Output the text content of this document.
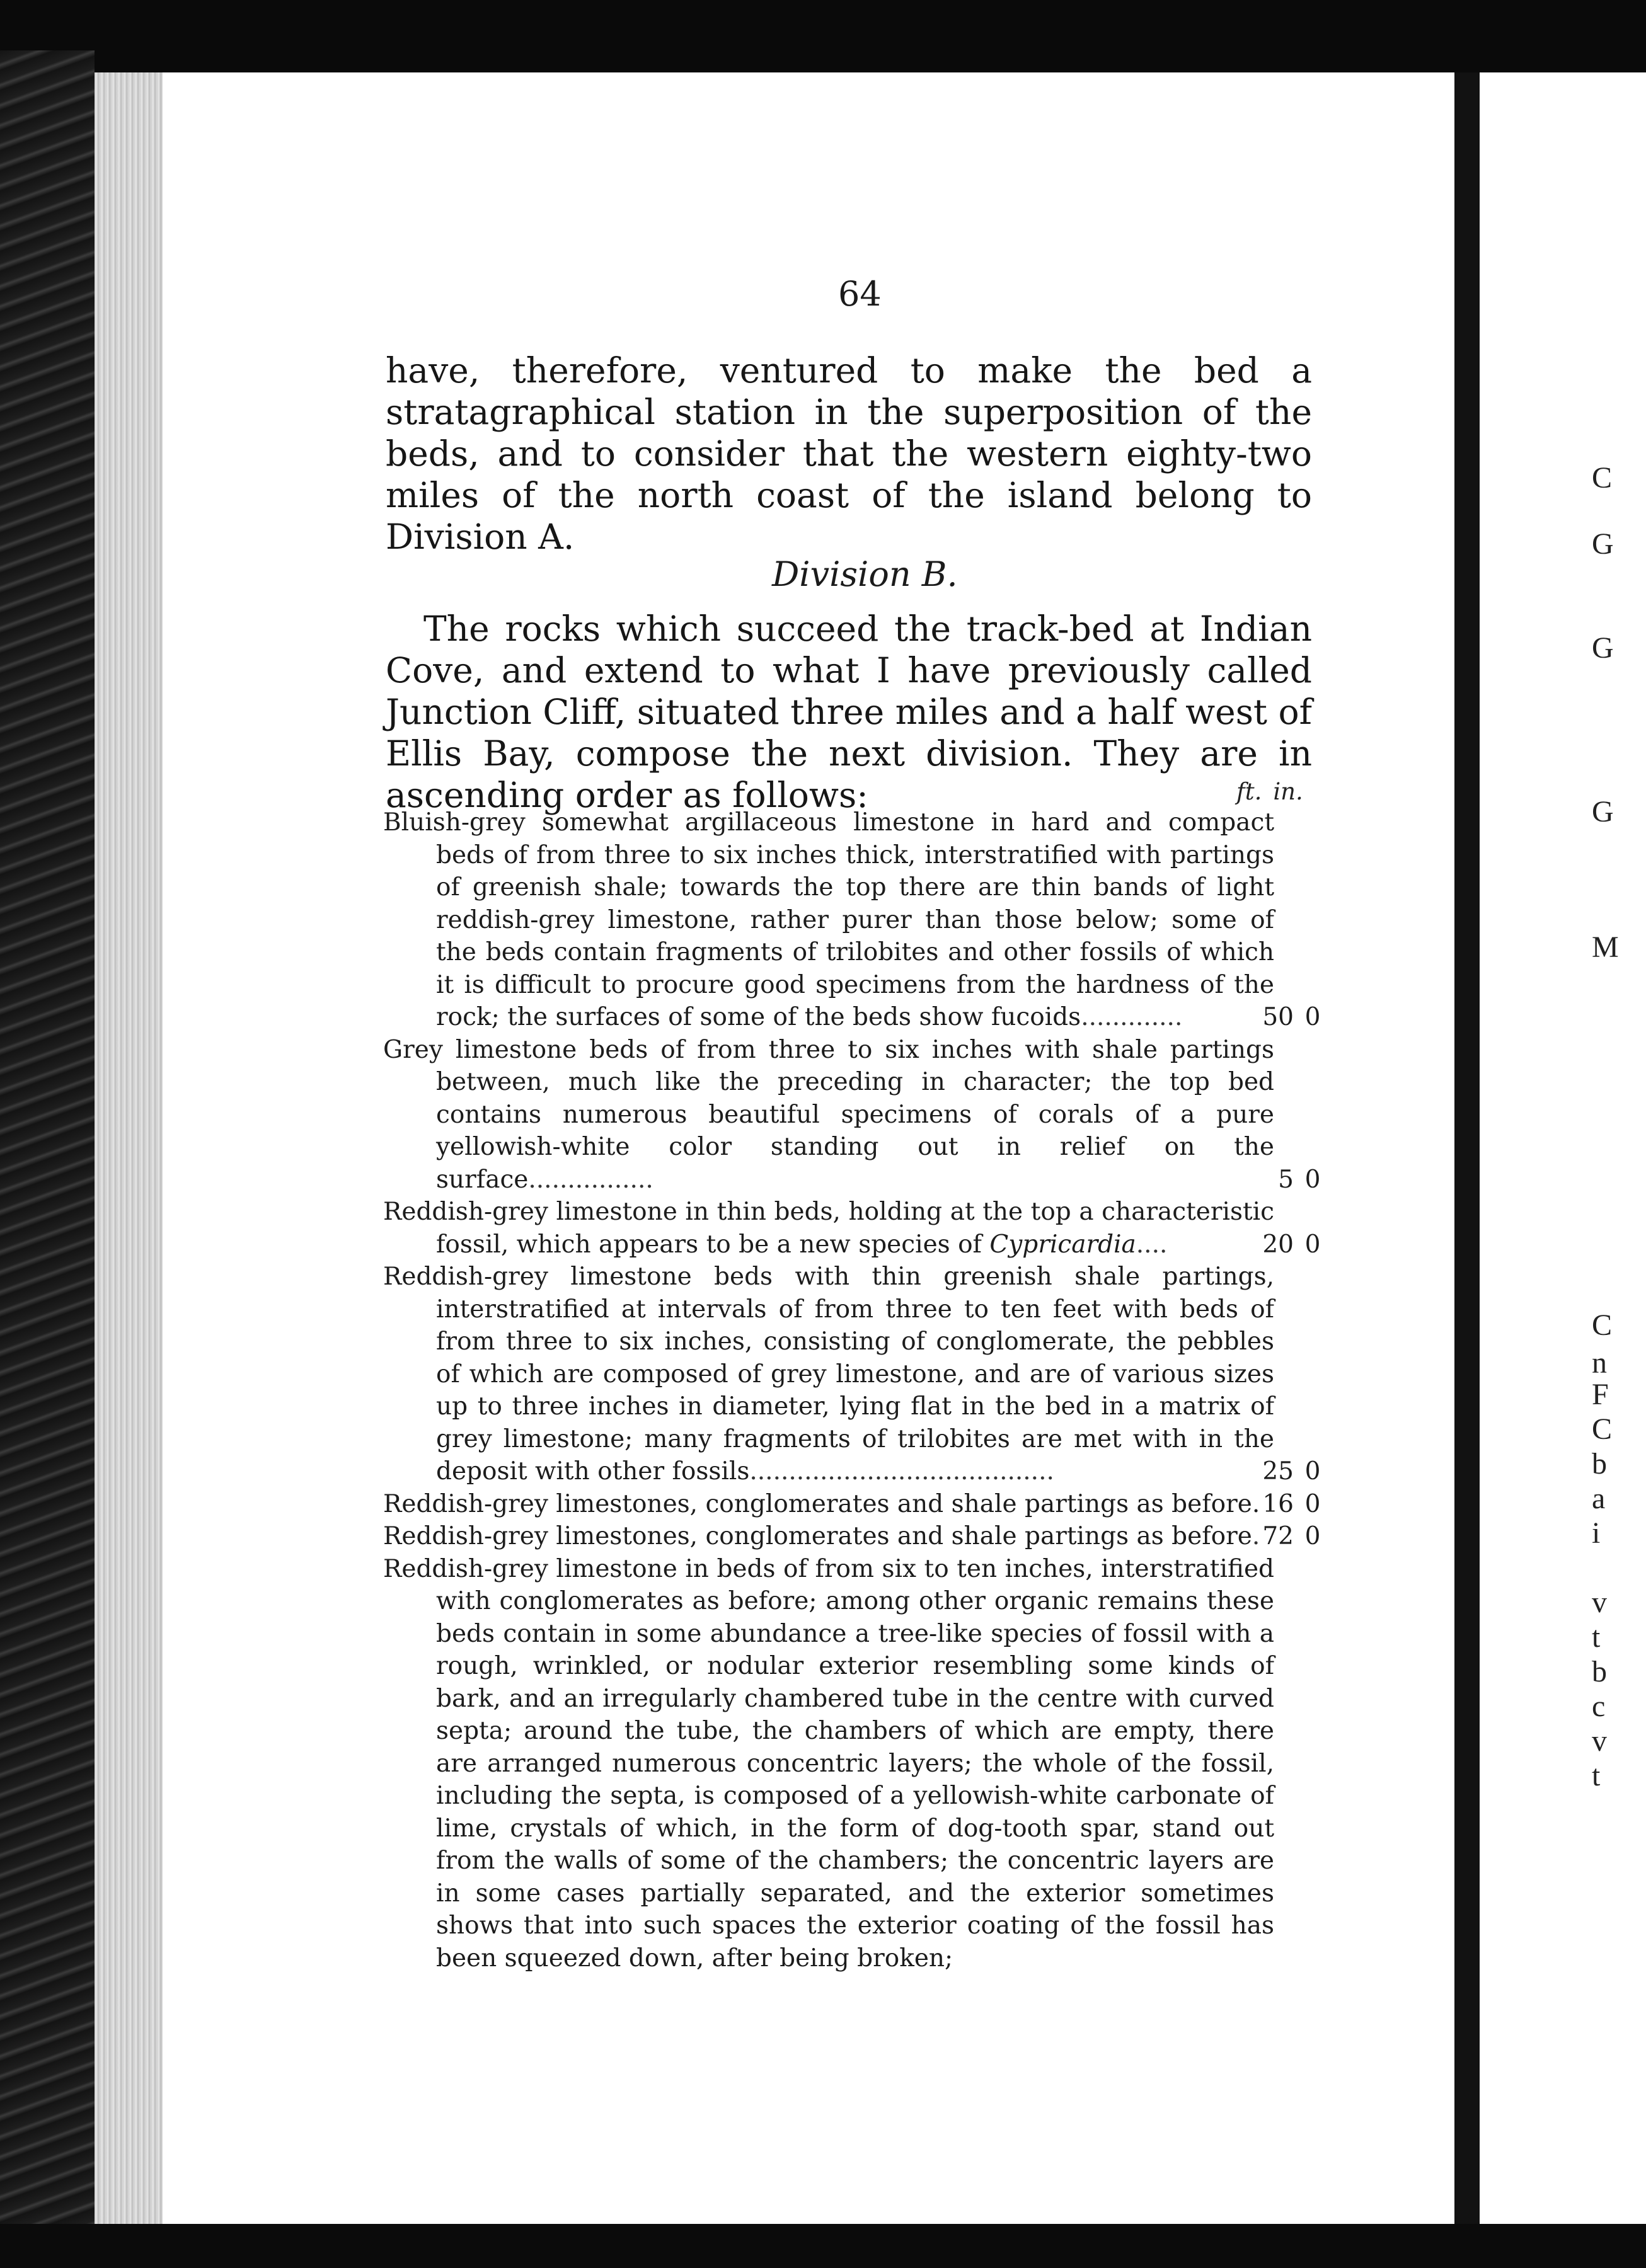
64

have, therefore, ventured to make the bed a stratagraphical station in the superposition of the beds, and to consider that the western eighty-two miles of the north coast of the island belong to Division A.

Division B.

The rocks which succeed the track-bed at Indian Cove, and extend to what I have previously called Junction Cliff, situated three miles and a half west of Ellis Bay, compose the next division. They are in ascending order as follows:	ft. in.
Bluish-grey somewhat argillaceous limestone in hard and compact beds of from three to six inches thick, interstratified with partings of greenish shale; towards the top there are thin bands of light reddish-grey limestone, rather purer than those below; some of the beds contain fragments of trilobites and other fossils of which it is difficult to procure good specimens from the hardness of the rock; the surfaces of some of the beds show fucoids.............	50 0
Grey limestone beds of from three to six inches with shale partings between, much like the preceding in character; the top bed contains numerous beautiful specimens of corals of a pure yellowish-white color standing out in relief on the surface................	5 0
Reddish-grey limestone in thin beds, holding at the top a characteristic fossil, which appears to be a new species of Cypricardia....	20 0
Reddish-grey limestone beds with thin greenish shale partings, interstratified at intervals of from three to ten feet with beds of from three to six inches, consisting of conglomerate, the pebbles of which are composed of grey limestone, and are of various sizes up to three inches in diameter, lying flat in the bed in a matrix of grey limestone; many fragments of trilobites are met with in the deposit with other fossils.......................................	25 0
Reddish-grey limestones, conglomerates and shale partings as before. 16 0
Reddish-grey limestones, conglomerates and shale partings as before. 72 0
Reddish-grey limestone in beds of from six to ten inches, interstratified with conglomerates as before; among other organic remains these beds contain in some abundance a tree-like species of fossil with a rough, wrinkled, or nodular exterior resembling some kinds of bark, and an irregularly chambered tube in the centre with curved septa; around the tube, the chambers of which are empty, there are arranged numerous concentric layers; the whole of the fossil, including the septa, is composed of a yellowish-white carbonate of lime, crystals of which, in the form of dog-tooth spar, stand out from the walls of some of the chambers; the concentric layers are in some cases partially separated, and the exterior sometimes shows that into such spaces the exterior coating of the fossil has been squeezed down, after being broken;
C
G
G
G
M
C
n
F
C
b
a
i
v
t
b
c
v
t
